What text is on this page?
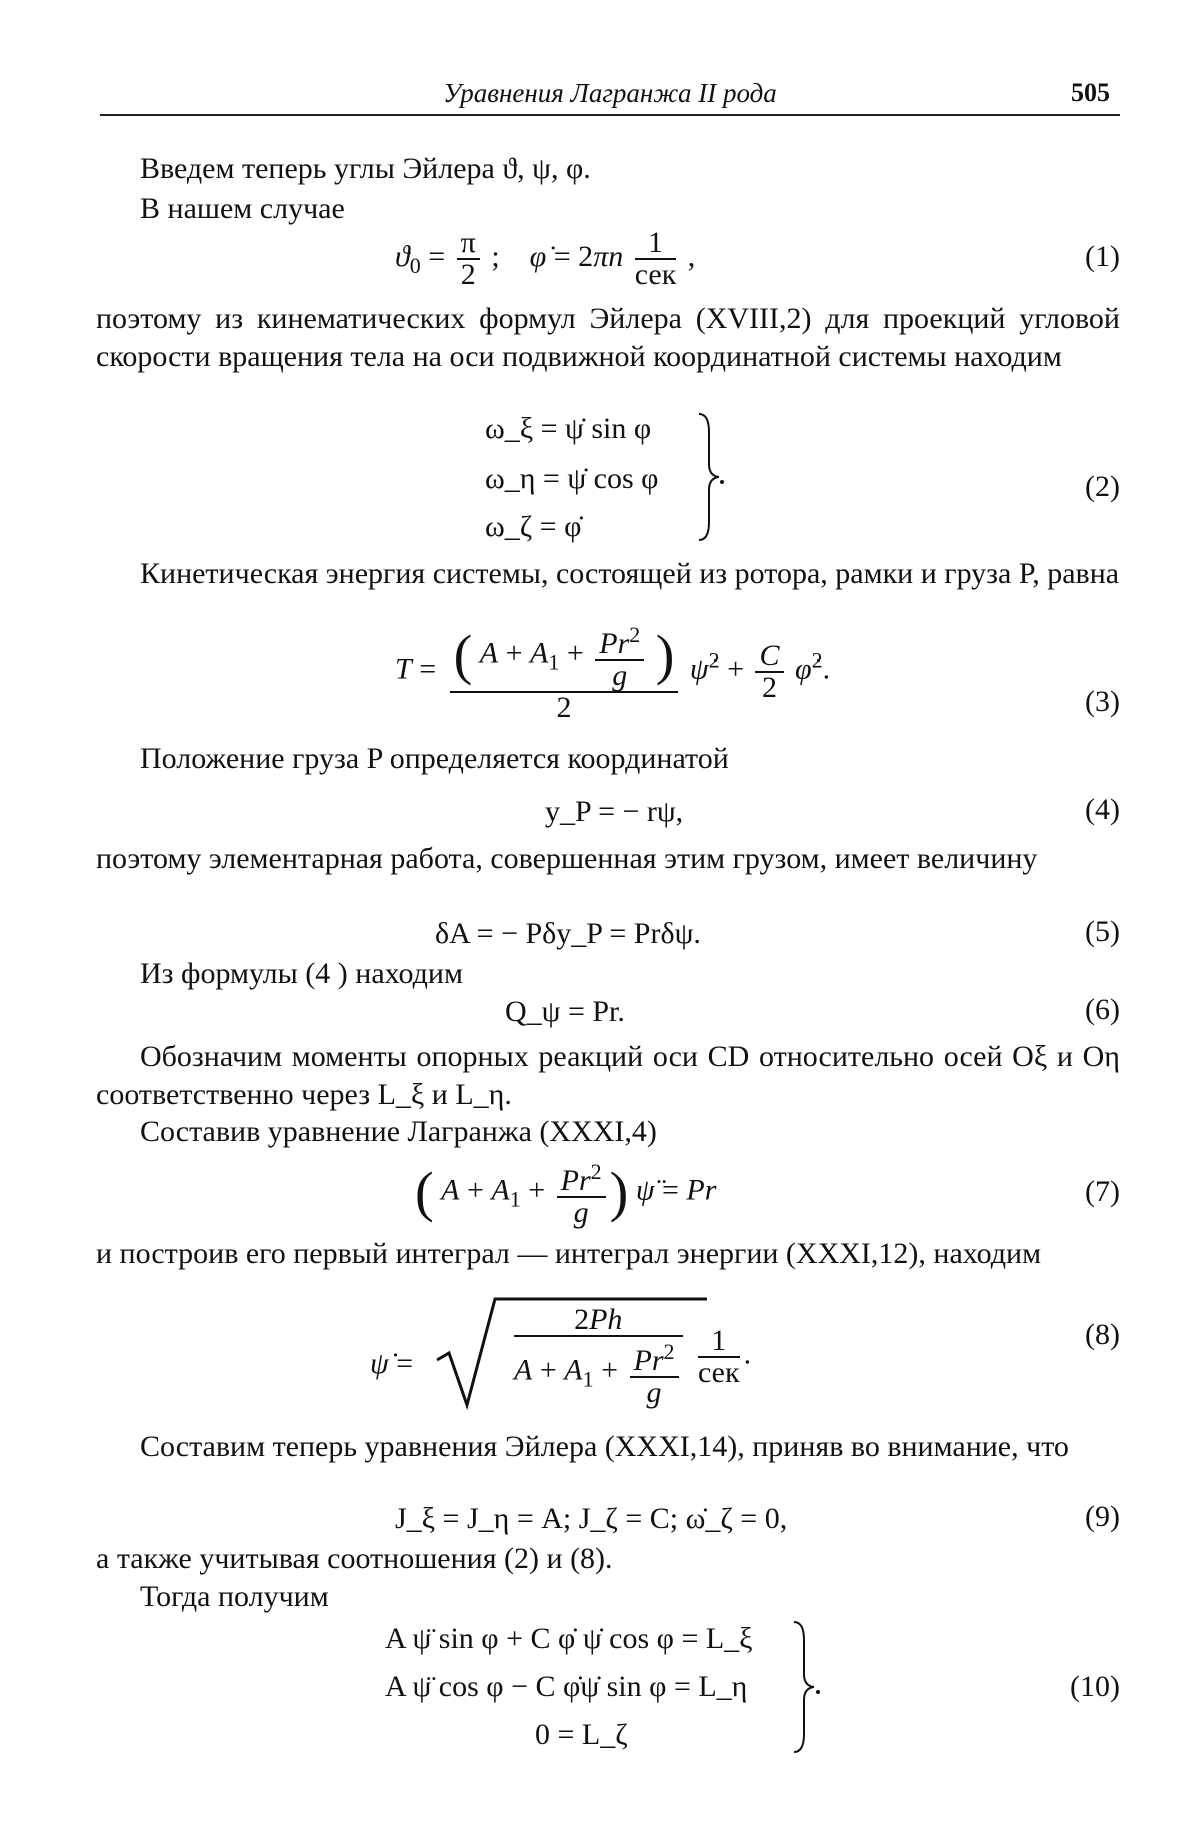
Уравнения Лагранжа II рода	505
Введем теперь углы Эйлера ϑ, ψ, φ.
В нашем случае
$ϑ_0 = \frac{\pi}{2}$ ;    φ̇ = $2\pi n \frac{1}{\text{сек}}$ ,	(1)
поэтому из кинематических формул Эйлера (XVIII,2) для проекций угловой скорости вращения тела на оси подвижной координатной системы находим
ω_ξ = ψ̇ sin φ
ω_η = ψ̇ cos φ
ω_ζ = φ̇
(2)
Кинетическая энергия системы, состоящей из ротора, рамки и груза P, равна
$T = \frac{( A + A_1 + \frac{Pr^2}{g} )}{2}$ ψ̇$^2$ + $\frac{C}{2}$ φ̇$^2$.
(3)
Положение груза P определяется координатой
y_P = − rψ,	(4)
поэтому элементарная работа, совершенная этим грузом, имеет величину
δA = − Pδy_P = Prδψ.	(5)
Из формулы (4 ) находим
Q_ψ = Pr.	(6)
Обозначим моменты опорных реакций оси CD относительно осей Oξ и Oη соответственно через L_ξ и L_η.
Составив уравнение Лагранжа (XXXI,4)
( $A + A_1 + \frac{Pr^2}{g}$ ) ψ̈ = Pr	(7)
и построив его первый интеграл — интеграл энергии (XXXI,12), находим
ψ̇ =	$\frac{2Ph}{A + A_1 + \frac{Pr^2}{g}}$
$\frac{1}{\text{сек}}$ .
(8)
Составим теперь уравнения Эйлера (XXXI,14), приняв во внимание, что
J_ξ = J_η = A; J_ζ = C; ω̇_ζ = 0,	(9)
а также учитывая соотношения (2) и (8).
Тогда получим
A ψ̈ sin φ + C φ̇ ψ̇ cos φ = L_ξ
A ψ̈ cos φ − C φ̇ψ̇ sin φ = L_η
0 = L_ζ
(10)
